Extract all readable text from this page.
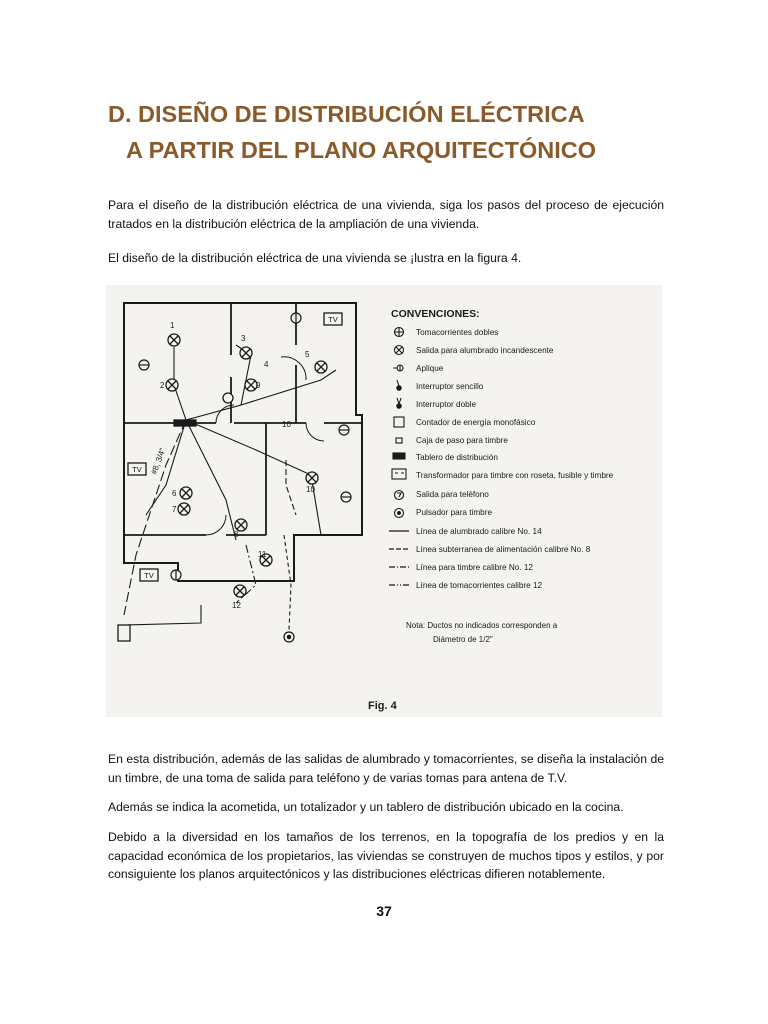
D. DISEÑO DE DISTRIBUCIÓN ELÉCTRICA
A PARTIR DEL PLANO ARQUITECTÓNICO

Para el diseño de la distribución eléctrica de una vivienda, siga los pasos del proceso de ejecución tratados en la distribución eléctrica de la ampliación de una vivienda.

El diseño de la distribución eléctrica de una vivienda se ¡lustra en la figura 4.

TV
TV
TV
1
2
3
4
5
6
7
8
9
10
10
11
12
#8, 3/4"
CONVENCIONES:
Tomacorrientes dobles
Salida para alumbrado incandescente
Aplique
Interruptor sencillo
Interruptor doble
Contador de energía monofásico
Caja de paso para timbre
Tablero de distribución
Transformador para timbre con roseta, fusible y timbre
Salida para teléfono
Pulsador para timbre
Línea de alumbrado calibre No. 14
Línea subterranea de alimentación calibre No. 8
Línea para timbre calibre No. 12
Línea de tomacorrientes calibre 12
Nota: Ductos no indicados corresponden a
Diámetro de 1/2"
Fig. 4

En esta distribución, además de las salidas de alumbrado y tomacorrientes, se diseña la instalación de un timbre, de una toma de salida para teléfono y de varias tomas para antena de T.V.

Además se indica la acometida, un totalizador y un tablero de distribución ubicado en la cocina.

Debido a la diversidad en los tamaños de los terrenos, en la topografía de los predios y en la capacidad económica de los propietarios, las viviendas se construyen de muchos tipos y estilos, y por consiguiente los planos arquitectónicos y las distribuciones eléctricas difieren notablemente.

37
